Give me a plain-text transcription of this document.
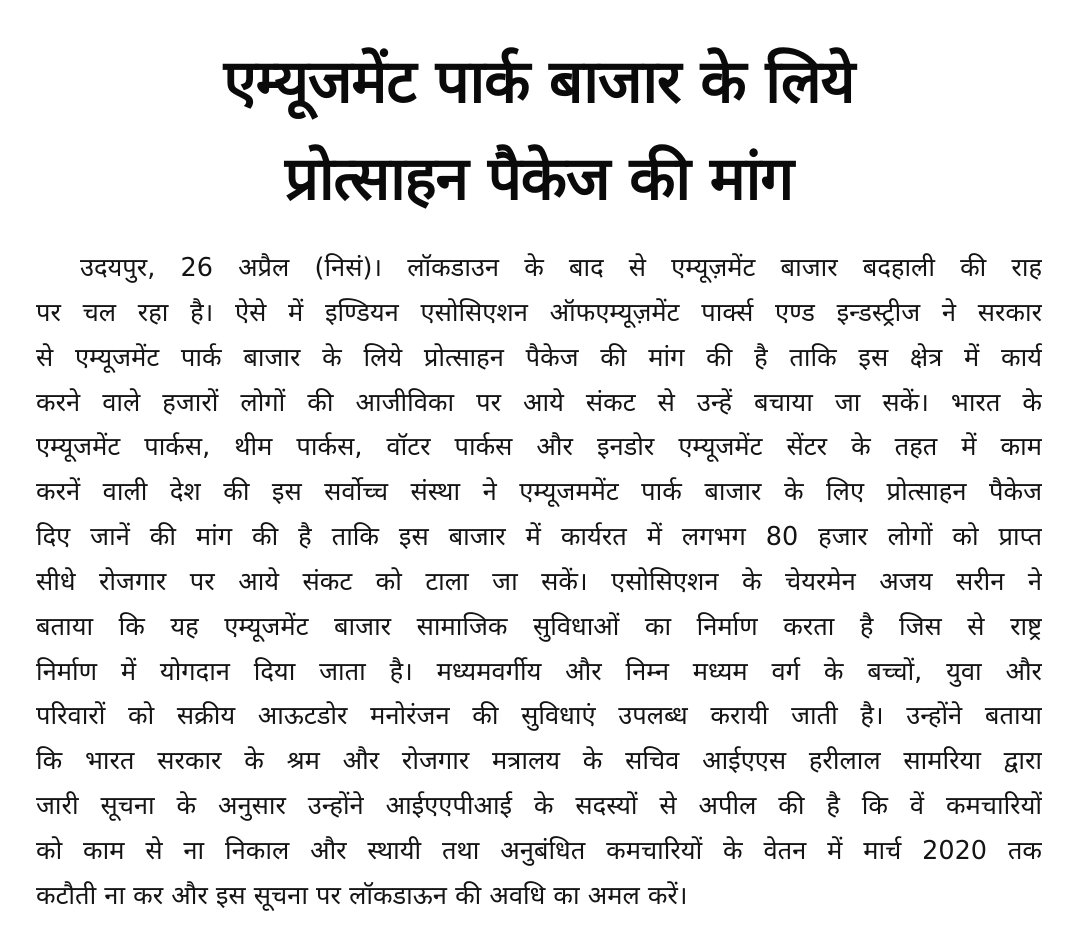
एम्यूजमेंट पार्क बाजार के लिये
प्रोत्साहन पैकेज की मांग
उदयपुर, 26 अप्रैल (निसं)। लॉकडाउन के बाद से एम्यूज़मेंट बाजार बदहाली की राह
पर चल रहा है। ऐसे में इण्डियन एसोसिएशन ऑफएम्यूज़मेंट पार्क्स एण्ड इन्डस्ट्रीज ने सरकार
से एम्यूजमेंट पार्क बाजार के लिये प्रोत्साहन पैकेज की मांग की है ताकि इस क्षेत्र में कार्य
करने वाले हजारों लोगों की आजीविका पर आये संकट से उन्हें बचाया जा सकें। भारत के
एम्यूजमेंट पार्कस, थीम पार्कस, वॉटर पार्कस और इनडोर एम्यूजमेंट सेंटर के तहत में काम
करनें वाली देश की इस सर्वोच्च संस्था ने एम्यूजममेंट पार्क बाजार के लिए प्रोत्साहन पैकेज
दिए जानें की मांग की है ताकि इस बाजार में कार्यरत में लगभग 80 हजार लोगों को प्राप्त
सीधे रोजगार पर आये संकट को टाला जा सकें। एसोसिएशन के चेयरमेन अजय सरीन ने
बताया कि यह एम्यूजमेंट बाजार सामाजिक सुविधाओं का निर्माण करता है जिस से राष्ट्र
निर्माण में योगदान दिया जाता है। मध्यमवर्गीय और निम्न मध्यम वर्ग के बच्चों, युवा और
परिवारों को सक्रीय आऊटडोर मनोरंजन की सुविधाएं उपलब्ध करायी जाती है। उन्होंने बताया
कि भारत सरकार के श्रम और रोजगार मत्रालय के सचिव आईएएस हरीलाल सामरिया द्वारा
जारी सूचना के अनुसार उन्होंने आईएएपीआई के सदस्यों से अपील की है कि वें कमचारियों
को काम से ना निकाल और स्थायी तथा अनुबंधित कमचारियों के वेतन में मार्च 2020 तक
कटौती ना कर और इस सूचना पर लॉकडाऊन की अवधि का अमल करें।
